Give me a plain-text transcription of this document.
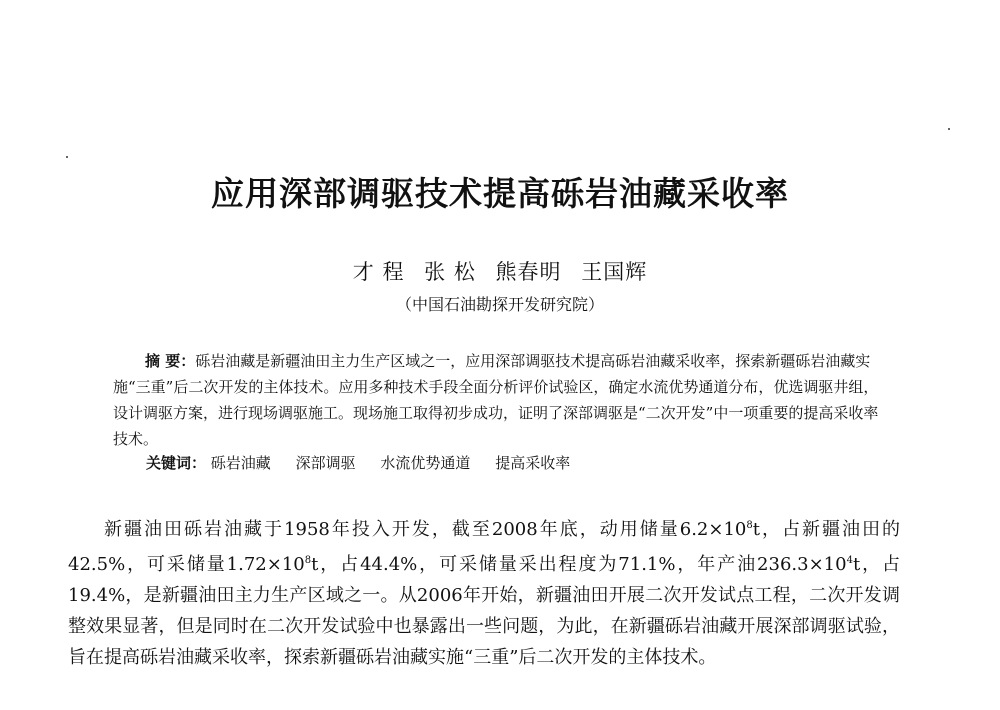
应用深部调驱技术提高砾岩油藏采收率
才 程 张 松 熊春明 王国辉
（中国石油勘探开发研究院）
摘 要：砾岩油藏是新疆油田主力生产区域之一，应用深部调驱技术提高砾岩油藏采收率，探索新疆砾岩油藏实施“三重”后二次开发的主体技术。应用多种技术手段全面分析评价试验区，确定水流优势通道分布，优选调驱井组，设计调驱方案，进行现场调驱施工。现场施工取得初步成功，证明了深部调驱是“二次开发”中一项重要的提高采收率技术。
关键词： 砾岩油藏 深部调驱 水流优势通道 提高采收率
新疆油田砾岩油藏于1958年投入开发，截至2008年底，动用储量$6.2\times 10^8t$，占新疆油田的42.5%，可采储量$1.72\times 10^8t$，占44.4%，可采储量采出程度为71.1%，年产油$236.3\times 10^4t$，占19.4%，是新疆油田主力生产区域之一。从2006年开始，新疆油田开展二次开发试点工程，二次开发调整效果显著，但是同时在二次开发试验中也暴露出一些问题，为此，在新疆砾岩油藏开展深部调驱试验，旨在提高砾岩油藏采收率，探索新疆砾岩油藏实施“三重”后二次开发的主体技术。
